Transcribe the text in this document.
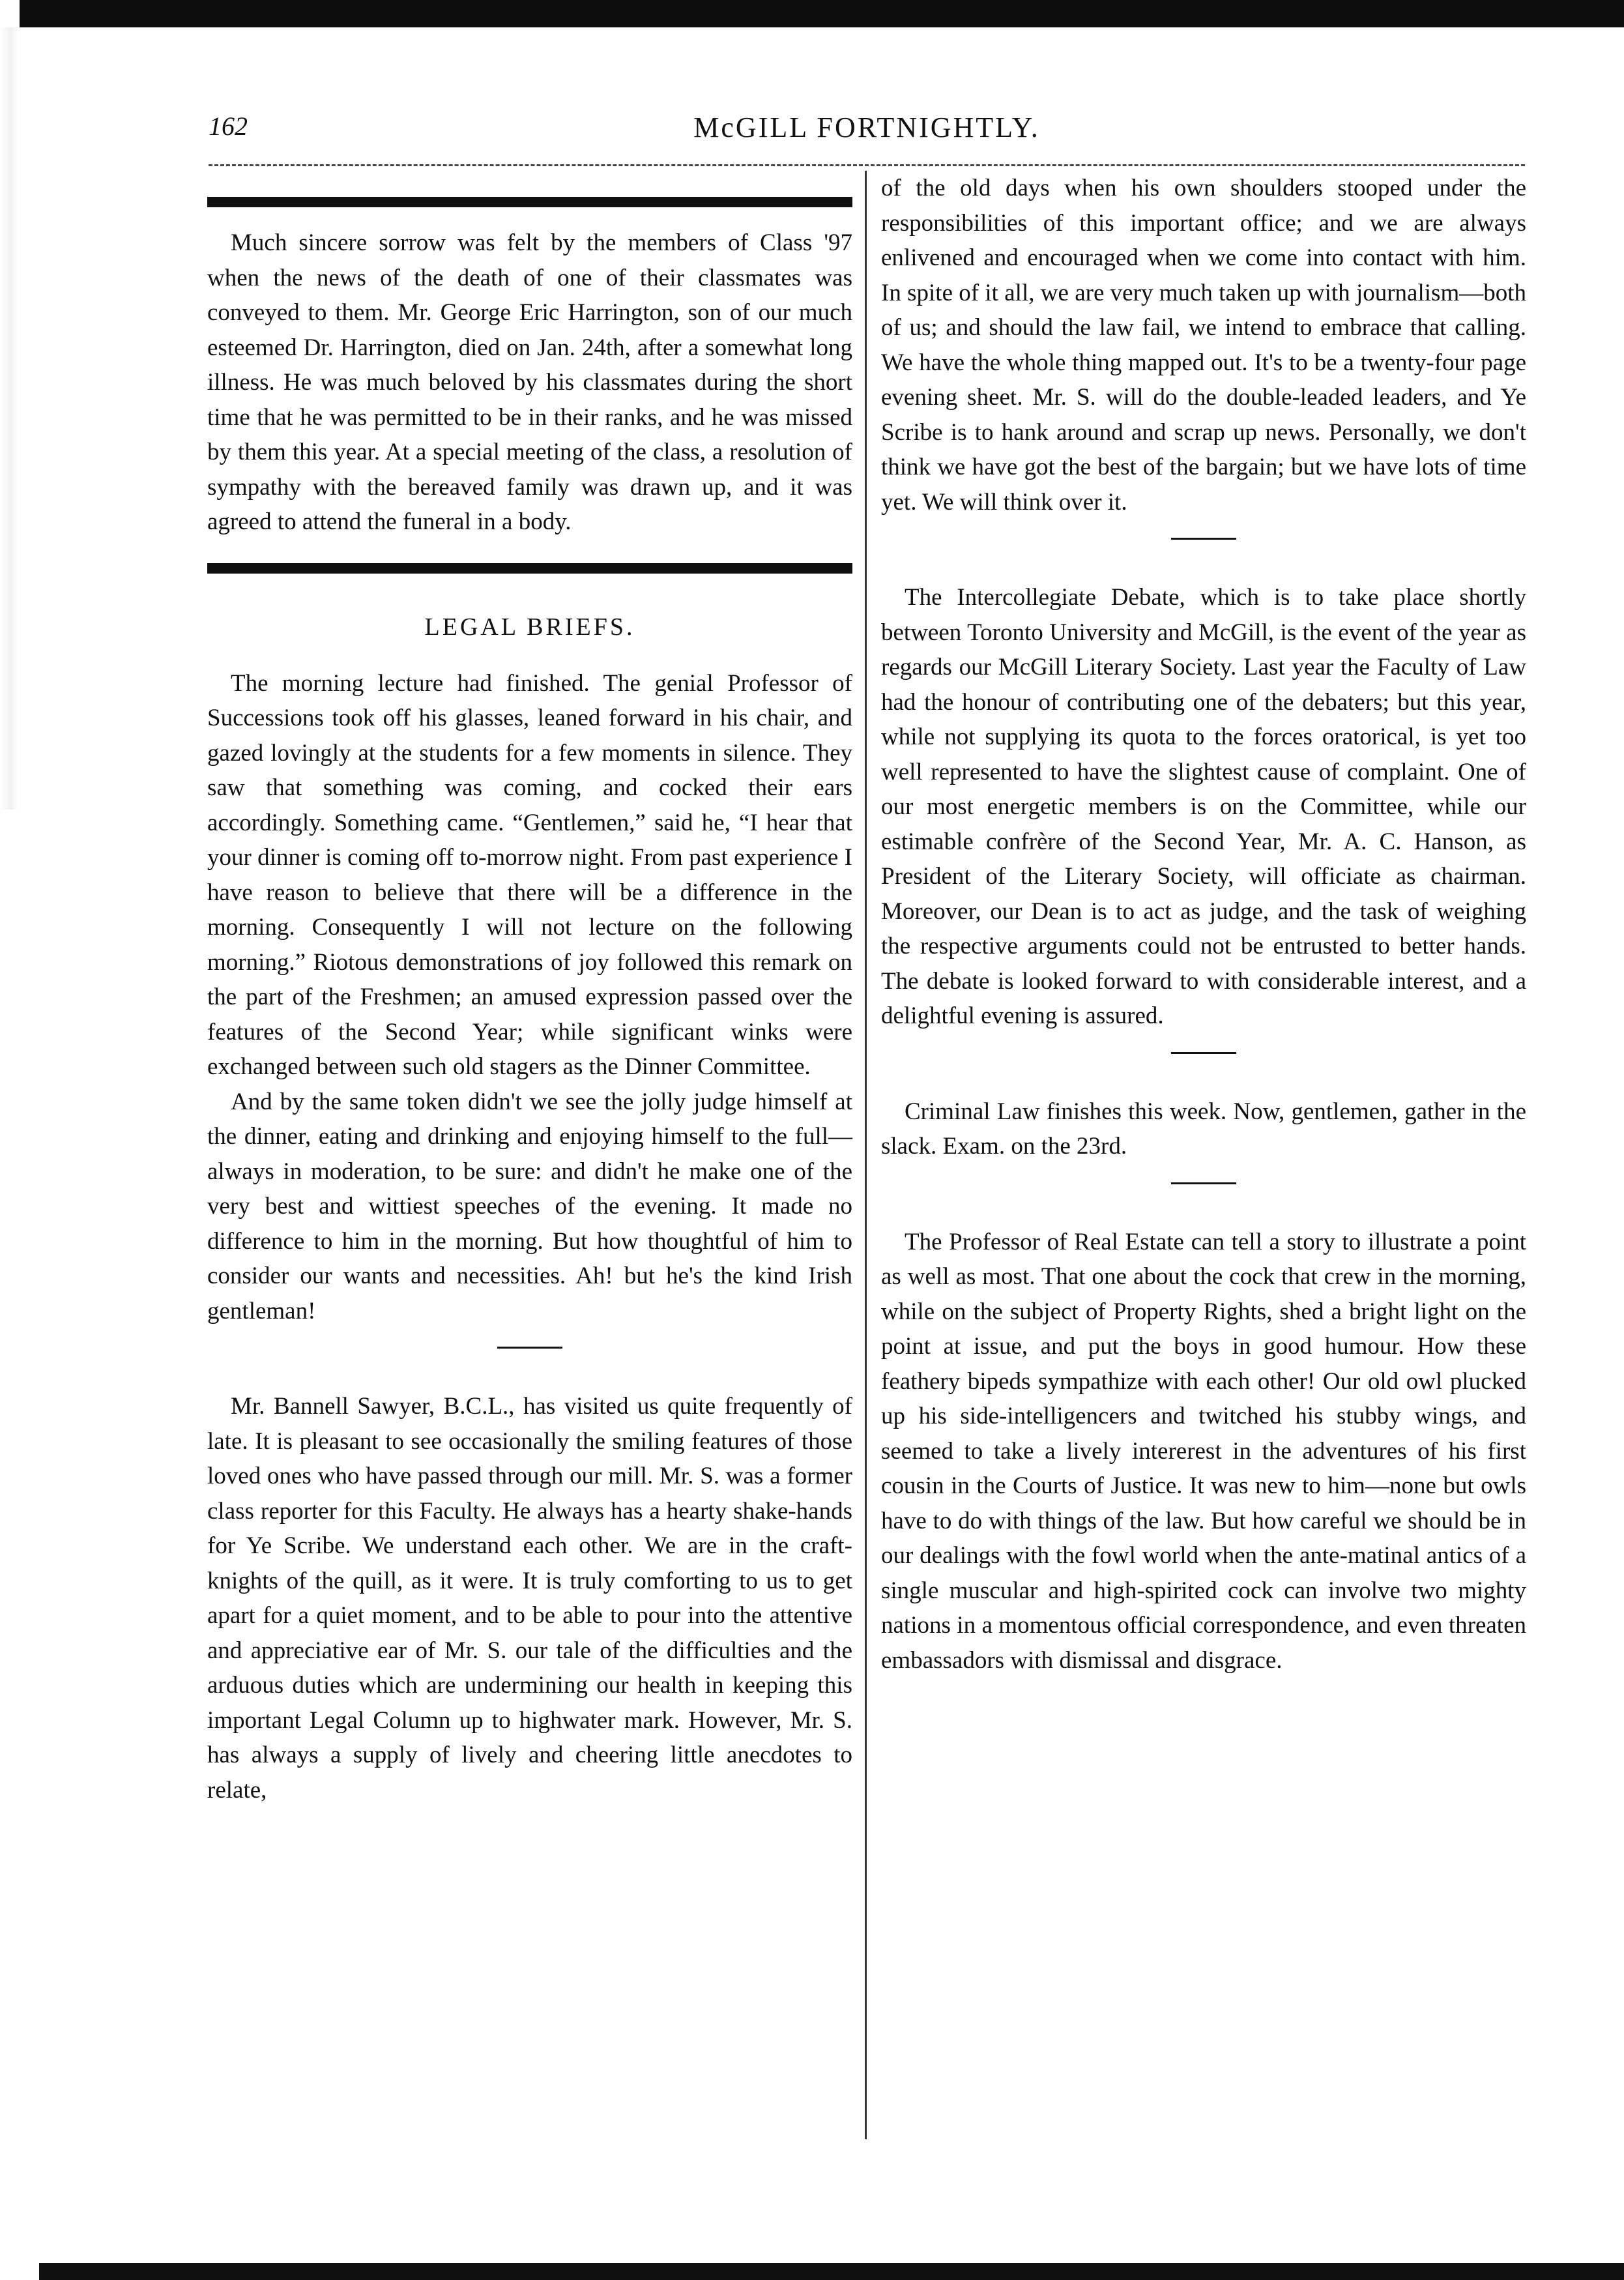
162	McGILL FORTNIGHTLY.

Much sincere sorrow was felt by the members of Class '97 when the news of the death of one of their classmates was conveyed to them. Mr. George Eric Harrington, son of our much esteemed Dr. Harrington, died on Jan. 24th, after a somewhat long illness. He was much beloved by his classmates during the short time that he was permitted to be in their ranks, and he was missed by them this year. At a special meeting of the class, a resolution of sympathy with the bereaved family was drawn up, and it was agreed to attend the funeral in a body.

LEGAL BRIEFS.

The morning lecture had finished. The genial Professor of Successions took off his glasses, leaned forward in his chair, and gazed lovingly at the students for a few moments in silence. They saw that something was coming, and cocked their ears accordingly. Something came. “Gentlemen,” said he, “I hear that your dinner is coming off to-morrow night. From past experience I have reason to believe that there will be a difference in the morning. Consequently I will not lecture on the following morning.” Riotous demonstrations of joy followed this remark on the part of the Freshmen; an amused expression passed over the features of the Second Year; while significant winks were exchanged between such old stagers as the Dinner Committee.

And by the same token didn't we see the jolly judge himself at the dinner, eating and drinking and enjoying himself to the full—always in moderation, to be sure: and didn't he make one of the very best and wittiest speeches of the evening. It made no difference to him in the morning. But how thoughtful of him to consider our wants and necessities. Ah! but he's the kind Irish gentleman!

Mr. Bannell Sawyer, B.C.L., has visited us quite frequently of late. It is pleasant to see occasionally the smiling features of those loved ones who have passed through our mill. Mr. S. was a former class reporter for this Faculty. He always has a hearty shake-hands for Ye Scribe. We understand each other. We are in the craft-knights of the quill, as it were. It is truly comforting to us to get apart for a quiet moment, and to be able to pour into the attentive and appreciative ear of Mr. S. our tale of the difficulties and the arduous duties which are undermining our health in keeping this important Legal Column up to highwater mark. However, Mr. S. has always a supply of lively and cheering little anecdotes to relate,

of the old days when his own shoulders stooped under the responsibilities of this important office; and we are always enlivened and encouraged when we come into contact with him. In spite of it all, we are very much taken up with journalism—both of us; and should the law fail, we intend to embrace that calling. We have the whole thing mapped out. It's to be a twenty-four page evening sheet. Mr. S. will do the double-leaded leaders, and Ye Scribe is to hank around and scrap up news. Personally, we don't think we have got the best of the bargain; but we have lots of time yet. We will think over it.

The Intercollegiate Debate, which is to take place shortly between Toronto University and McGill, is the event of the year as regards our McGill Literary Society. Last year the Faculty of Law had the honour of contributing one of the debaters; but this year, while not supplying its quota to the forces oratorical, is yet too well represented to have the slightest cause of complaint. One of our most energetic members is on the Committee, while our estimable confrère of the Second Year, Mr. A. C. Hanson, as President of the Literary Society, will officiate as chairman. Moreover, our Dean is to act as judge, and the task of weighing the respective arguments could not be entrusted to better hands. The debate is looked forward to with considerable interest, and a delightful evening is assured.

Criminal Law finishes this week. Now, gentlemen, gather in the slack. Exam. on the 23rd.

The Professor of Real Estate can tell a story to illustrate a point as well as most. That one about the cock that crew in the morning, while on the subject of Property Rights, shed a bright light on the point at issue, and put the boys in good humour. How these feathery bipeds sympathize with each other! Our old owl plucked up his side-intelligencers and twitched his stubby wings, and seemed to take a lively intererest in the adventures of his first cousin in the Courts of Justice. It was new to him—none but owls have to do with things of the law. But how careful we should be in our dealings with the fowl world when the ante-matinal antics of a single muscular and high-spirited cock can involve two mighty nations in a momentous official correspondence, and even threaten embassadors with dismissal and disgrace.
